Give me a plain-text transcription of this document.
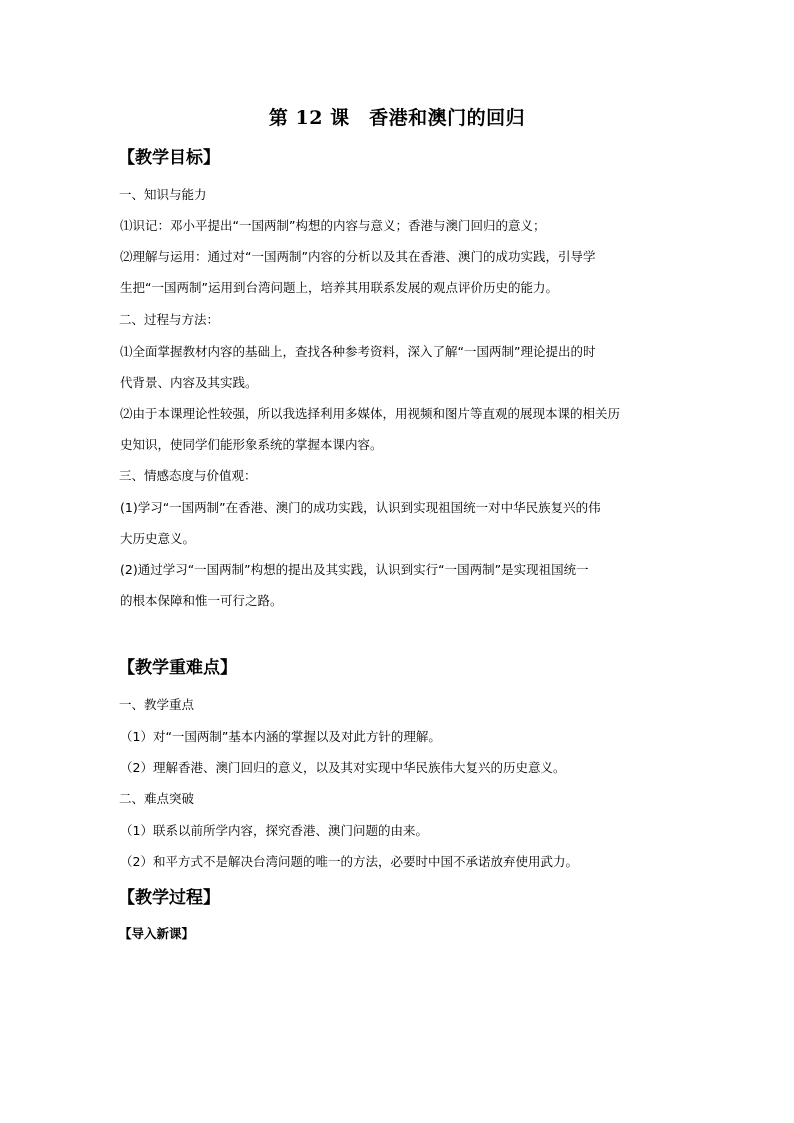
第 12 课　香港和澳门的回归
【教学目标】
一、知识与能力
⑴识记：邓小平提出“一国两制”构想的内容与意义；香港与澳门回归的意义；
⑵理解与运用：通过对“一国两制”内容的分析以及其在香港、澳门的成功实践，引导学
生把“一国两制”运用到台湾问题上，培养其用联系发展的观点评价历史的能力。
二、过程与方法：
⑴全面掌握教材内容的基础上，查找各种参考资料，深入了解“一国两制”理论提出的时
代背景、内容及其实践。
⑵由于本课理论性较强，所以我选择利用多媒体，用视频和图片等直观的展现本课的相关历
史知识，使同学们能形象系统的掌握本课内容。
三、情感态度与价值观：
(1)学习“一国两制”在香港、澳门的成功实践，认识到实现祖国统一对中华民族复兴的伟
大历史意义。
(2)通过学习“一国两制”构想的提出及其实践，认识到实行“一国两制”是实现祖国统一
的根本保障和惟一可行之路。
【教学重难点】
一、教学重点
（1）对“一国两制”基本内涵的掌握以及对此方针的理解。
（2）理解香港、澳门回归的意义，以及其对实现中华民族伟大复兴的历史意义。
二、难点突破
（1）联系以前所学内容，探究香港、澳门问题的由来。
（2）和平方式不是解决台湾问题的唯一的方法，必要时中国不承诺放弃使用武力。
【教学过程】
【导入新课】
